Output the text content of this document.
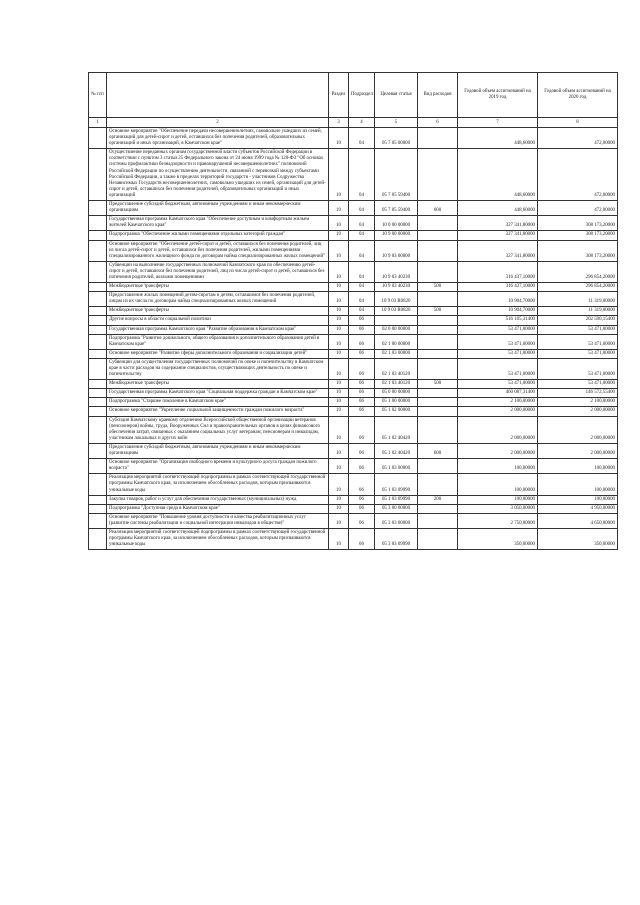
№ п/п		Раздел	Подраздел	Целевая статья	Вид расходов	Годовой объем ассигнований на 2019 год	Годовой объем ассигнований на 2020 год
1	2	3	4	5	6	7	8
	Основное мероприятие "Обеспечение передачи несовершеннолетних, самовольно ушедших из семей, организаций для детей-сирот и детей, оставшихся без попечения родителей, образовательных организаций и иных организаций, в Камчатском крае"	10	04	05 7 05 00000		448,60000	472,00000
	Осуществление переданных органам государственной власти субъектов Российской Федерации в соответствии с пунктом 3 статьи 25 Федерального закона от 24 июня 1999 года № 120-ФЗ "Об основах системы профилактики безнадзорности и правонарушений несовершеннолетних" полномочий Российской Федерации по осуществлению деятельности, связанной с перевозкой между субъектами Российской Федерации, а также в пределах территорий государств - участников Содружества Независимых Государств несовершеннолетних, самовольно ушедших из семей, организаций для детей-сирот и детей, оставшихся без попечения родителей, образовательных организаций и иных организаций	10	04	05 7 05 59400		448,60000	472,00000
	Предоставление субсидий бюджетным, автономным учреждениям и иным некоммерческим организациям	10	04	05 7 05 59400	600	448,60000	472,00000
	Государственная программа Камчатского края "Обеспечение доступным и комфортным жильем жителей Камчатского края"	10	04	10 0 00 00000		327 341,80000	308 173,20000
	Подпрограмма "Обеспечение жилыми помещениями отдельных категорий граждан"	10	04	10 9 00 00000		327 341,80000	308 173,20000
	Основное мероприятие "Обеспечение детей-сирот и детей, оставшихся без попечения родителей, лиц из числа детей-сирот и детей, оставшихся без попечения родителей, жилыми помещениями специализированного жилищного фонда по договорам найма специализированных жилых помещений"	10	04	10 9 03 00000		327 341,80000	308 173,20000
	Субвенции на выполнение государственных полномочий Камчатского края по обеспечению детей-сирот и детей, оставшихся без попечения родителей, лиц из числа детей-сирот и детей, оставшихся без попечения родителей, жилыми помещениями	10	04	10 9 03 40230		316 437,10000	296 854,20000
	Межбюджетные трансферты	10	04	10 9 03 40230	500	316 437,10000	296 854,20000
	Предоставление жилых помещений детям-сиротам и детям, оставшимся без попечения родителей, лицам из их числа по договорам найма специализированных жилых помещений	10	04	10 9 03 R0820		10 904,70000	11 319,00000
	Межбюджетные трансферты	10	04	10 9 03 R0820	500	10 904,70000	11 319,00000
	Другие вопросы в области социальной политики	10	06			516 105,31400	202 590,15400
	Государственная программа Камчатского края "Развитие образования в Камчатском крае"	10	06	02 0 00 00000		53 471,00000	53 471,00000
	Подпрограмма "Развитие дошкольного, общего образования и дополнительного образования детей в Камчатском крае"	10	06	02 1 00 00000		53 471,00000	53 471,00000
	Основное мероприятие "Развитие сферы дополнительного образования и социализации детей"	10	06	02 1 03 00000		53 471,00000	53 471,00000
	Субвенции для осуществления государственных полномочий по опеке и попечительству в Камчатском крае в части расходов на содержание специалистов, осуществляющих деятельность по опеке и попечительству	10	06	02 1 03 40120		53 471,00000	53 471,00000
	Межбюджетные трансферты	10	06	02 1 03 40120	500	53 471,00000	53 471,00000
	Государственная программа Камчатского края "Социальная поддержка граждан в Камчатском крае"	10	06	05 0 00 00000		460 087,31400	146 572,55400
	Подпрограмма "Старшее поколение в Камчатском крае"	10	06	05 1 00 00000		2 100,00000	2 100,00000
	Основное мероприятие "Укрепление социальной защищенности граждан пожилого возраста"	10	06	05 1 02 00000		2 000,00000	2 000,00000
	Субсидия Камчатскому краевому отделению Всероссийской общественной организации ветеранов (пенсионеров) войны, труда, Вооруженных Сил и правоохранительных органов в целях финансового обеспечения затрат, связанных с оказанием социальных услуг ветеранам, пенсионерам и инвалидам, участникам локальных и других войн	10	06	05 1 02 40420		2 000,00000	2 000,00000
	Предоставление субсидий бюджетным, автономным учреждениям и иным некоммерческим организациям	10	06	05 1 02 40420	600	2 000,00000	2 000,00000
	Основное мероприятие "Организация свободного времени и культурного досуга граждан пожилого возраста"	10	06	05 1 03 00000		100,00000	100,00000
	Реализация мероприятий соответствующей подпрограммы в рамках соответствующей государственной программы Камчатского края, за исключением обособленных расходов, которым присваиваются уникальные коды	10	06	05 1 03 09990		100,00000	100,00000
	Закупка товаров, работ и услуг для обеспечения государственных (муниципальных) нужд	10	06	05 1 03 09990	200	100,00000	100,00000
	Подпрограмма "Доступная среда в Камчатском крае"	10	06	05 3 00 00000		3 050,00000	4 950,00000
	Основное мероприятие "Повышение уровня доступности и качества реабилитационных услуг (развитие системы реабилитации и социальной интеграции инвалидов в обществе)"	10	06	05 3 03 00000		2 750,00000	4 650,00000
	Реализация мероприятий соответствующей подпрограммы в рамках соответствующей государственной программы Камчатского края, за исключением обособленных расходов, которым присваиваются уникальные коды	10	06	05 3 03 09990		350,00000	350,00000
